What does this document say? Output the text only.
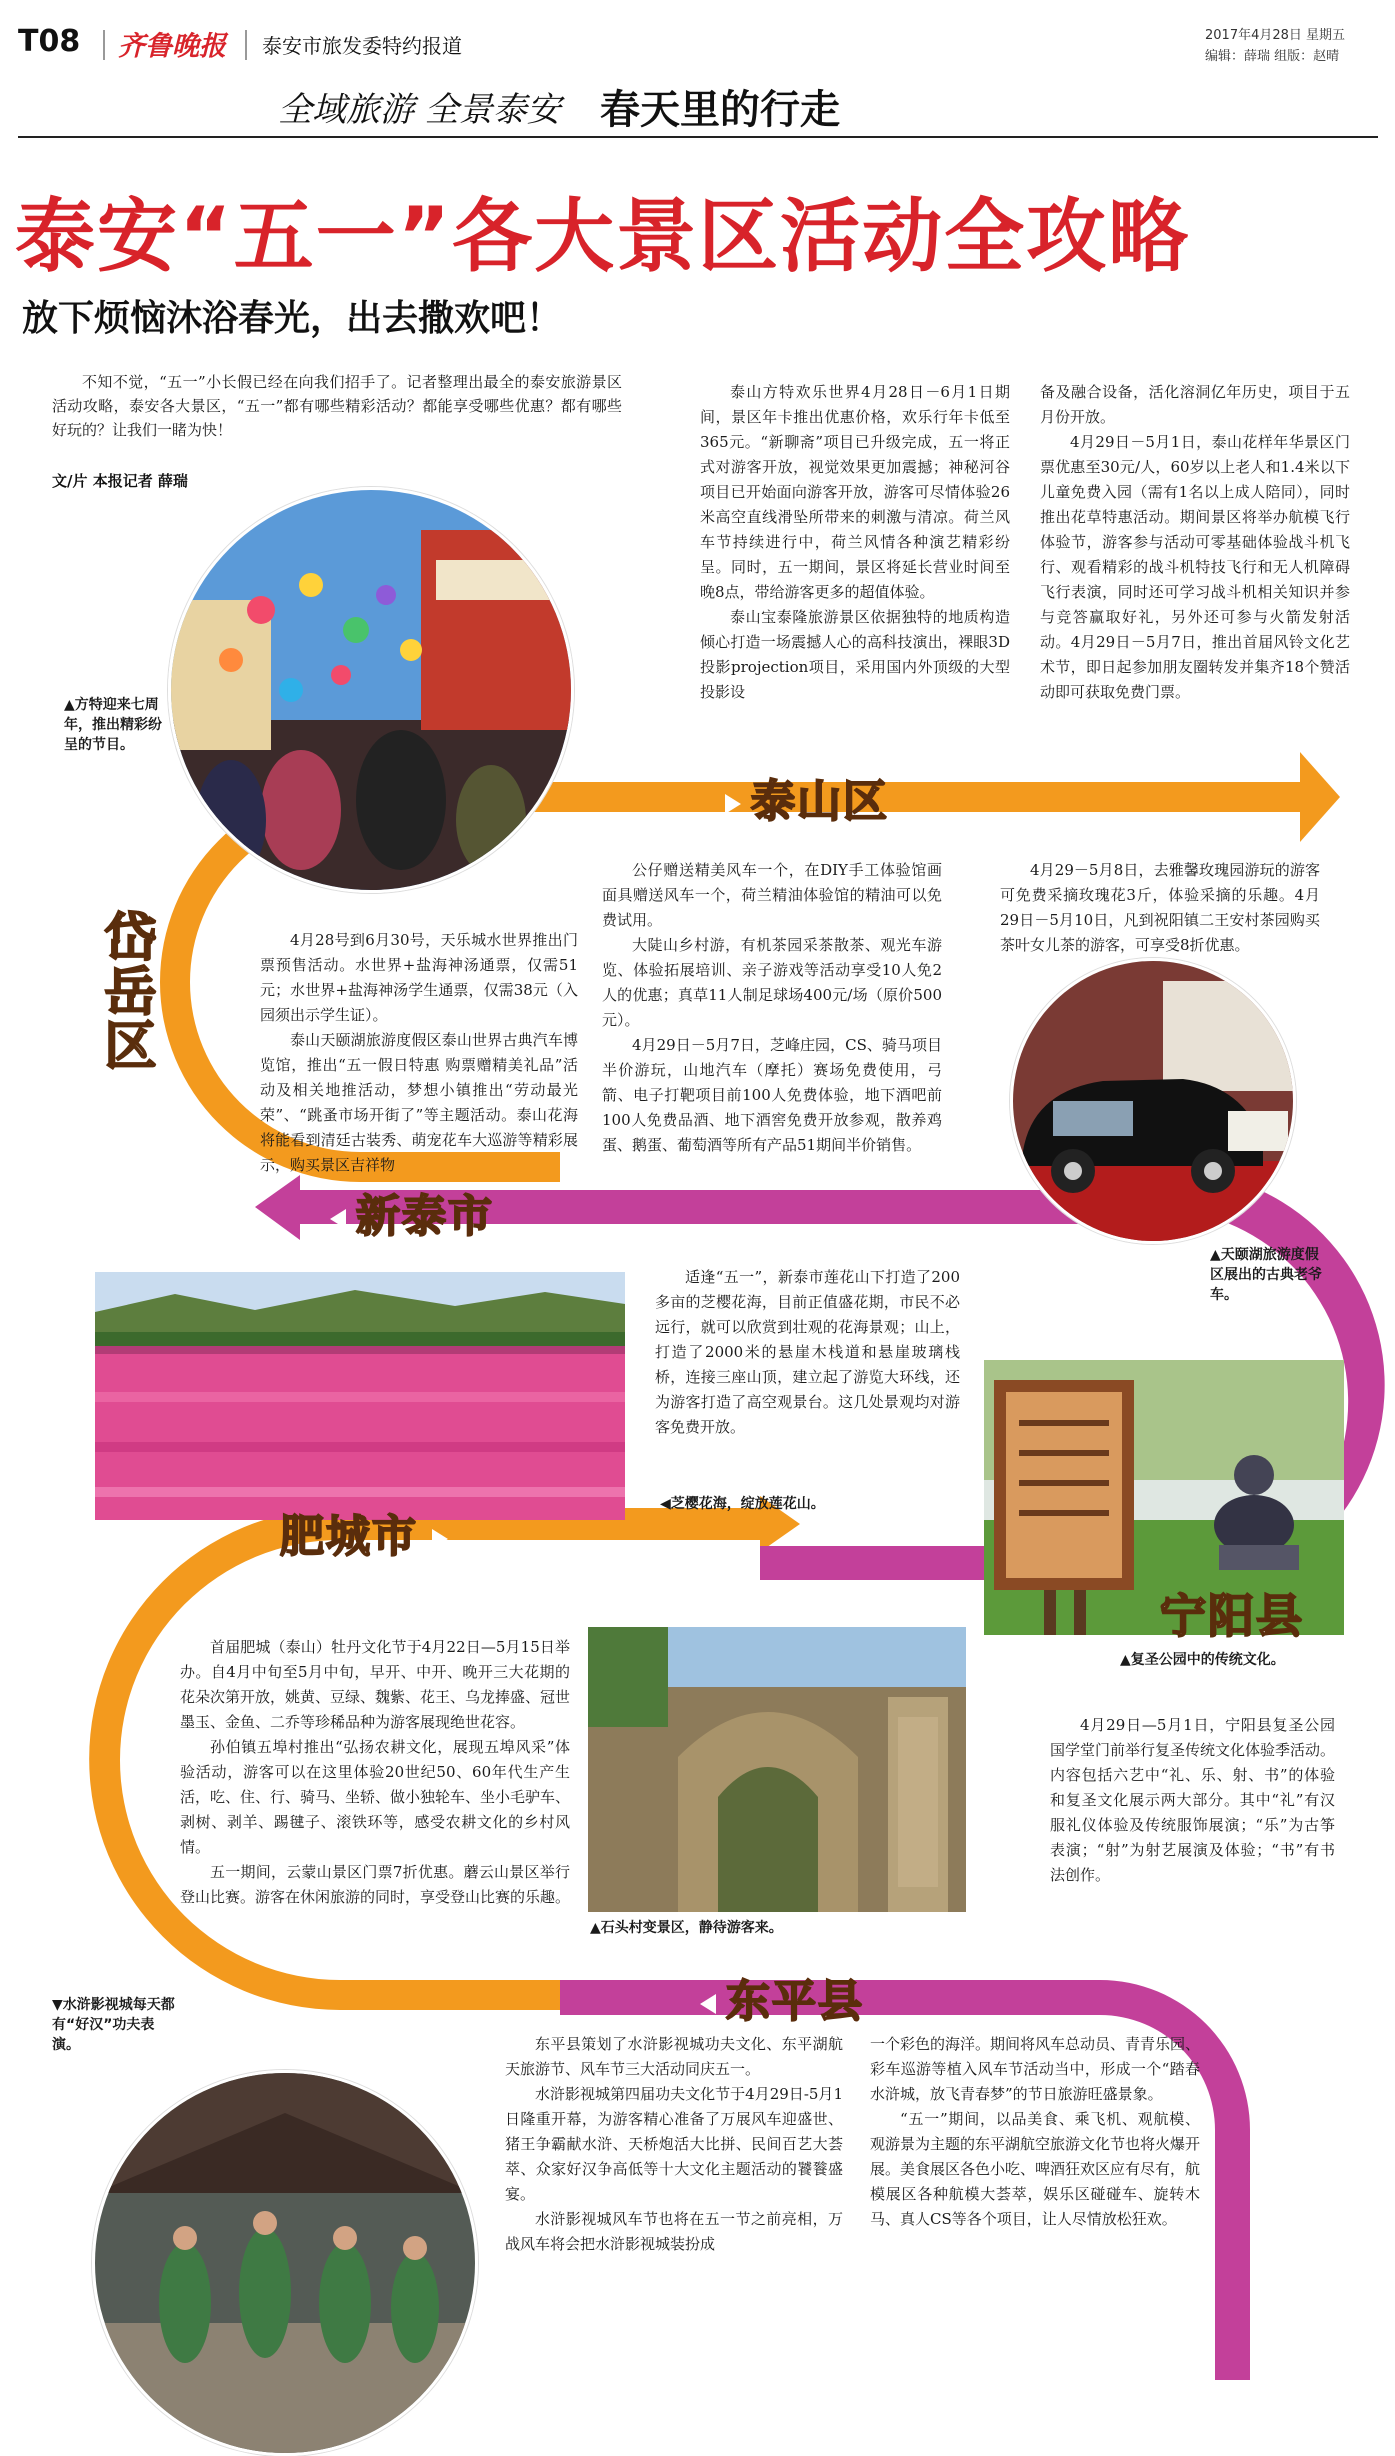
T08 齐鲁晚报 泰安市旅发委特约报道	2017年4月28日 星期五
编辑：薛瑞 组版：赵晴
全域旅游 全景泰安 春天里的行走
泰安“五一”各大景区活动全攻略
放下烦恼沐浴春光，出去撒欢吧！

不知不觉，“五一”小长假已经在向我们招手了。记者整理出最全的泰安旅游景区活动攻略，泰安各大景区，“五一”都有哪些精彩活动？都能享受哪些优惠？都有哪些好玩的？让我们一睹为快！

文/片 本报记者 薛瑞

泰山方特欢乐世界4月28日－6月1日期间，景区年卡推出优惠价格，欢乐行年卡低至365元。“新聊斋”项目已升级完成，五一将正式对游客开放，视觉效果更加震撼；神秘河谷项目已开始面向游客开放，游客可尽情体验26米高空直线滑坠所带来的刺激与清凉。荷兰风车节持续进行中，荷兰风情各种演艺精彩纷呈。同时，五一期间，景区将延长营业时间至晚8点，带给游客更多的超值体验。

泰山宝泰隆旅游景区依据独特的地质构造倾心打造一场震撼人心的高科技演出，裸眼3D投影projection项目，采用国内外顶级的大型投影设

备及融合设备，活化溶洞亿年历史，项目于五月份开放。

4月29日－5月1日，泰山花样年华景区门票优惠至30元/人，60岁以上老人和1.4米以下儿童免费入园（需有1名以上成人陪同），同时推出花草特惠活动。期间景区将举办航模飞行体验节，游客参与活动可零基础体验战斗机飞行、观看精彩的战斗机特技飞行和无人机障碍飞行表演，同时还可学习战斗机相关知识并参与竞答赢取好礼，另外还可参与火箭发射活动。4月29日－5月7日，推出首届风铃文化艺术节，即日起参加朋友圈转发并集齐18个赞活动即可获取免费门票。

▲方特迎来七周年，推出精彩纷呈的节目。
泰山区
岱岳区	4月28号到6月30号，天乐城水世界推出门票预售活动。水世界+盐海神汤通票，仅需51元；水世界+盐海神汤学生通票，仅需38元（入园须出示学生证）。

泰山天颐湖旅游度假区泰山世界古典汽车博览馆，推出“五一假日特惠 购票赠精美礼品”活动及相关地推活动，梦想小镇推出“劳动最光荣”、“跳蚤市场开街了”等主题活动。泰山花海将能看到清廷古装秀、萌宠花车大巡游等精彩展示，购买景区吉祥物

公仔赠送精美风车一个，在DIY手工体验馆画面具赠送风车一个，荷兰精油体验馆的精油可以免费试用。

大陡山乡村游，有机茶园采茶散茶、观光车游览、体验拓展培训、亲子游戏等活动享受10人免2人的优惠；真草11人制足球场400元/场（原价500元）。

4月29日－5月7日，芝峰庄园，CS、骑马项目半价游玩，山地汽车（摩托）赛场免费使用，弓箭、电子打靶项目前100人免费体验，地下酒吧前100人免费品酒、地下酒窖免费开放参观，散养鸡蛋、鹅蛋、葡萄酒等所有产品51期间半价销售。

4月29－5月8日，去雅馨玫瑰园游玩的游客可免费采摘玫瑰花3斤，体验采摘的乐趣。4月29日－5月10日，凡到祝阳镇二王安村茶园购买茶叶女儿茶的游客，可享受8折优惠。

▲天颐湖旅游度假区展出的古典老爷车。
新泰市
◀芝樱花海，绽放莲花山。

适逢“五一”，新泰市莲花山下打造了200多亩的芝樱花海，目前正值盛花期，市民不必远行，就可以欣赏到壮观的花海景观；山上，打造了2000米的悬崖木栈道和悬崖玻璃栈桥，连接三座山顶，建立起了游览大环线，还为游客打造了高空观景台。这几处景观均对游客免费开放。

宁阳县
▲复圣公园中的传统文化。
肥城市

首届肥城（泰山）牡丹文化节于4月22日—5月15日举办。自4月中旬至5月中旬，早开、中开、晚开三大花期的花朵次第开放，姚黄、豆绿、魏紫、花王、乌龙捧盛、冠世墨玉、金鱼、二乔等珍稀品种为游客展现绝世花容。

孙伯镇五埠村推出“弘扬农耕文化，展现五埠风采”体验活动，游客可以在这里体验20世纪50、60年代生产生活，吃、住、行、骑马、坐轿、做小独轮车、坐小毛驴车、剥树、剥羊、踢毽子、滚铁环等，感受农耕文化的乡村风情。

五一期间，云蒙山景区门票7折优惠。蘑云山景区举行登山比赛。游客在休闲旅游的同时，享受登山比赛的乐趣。

▲石头村变景区，静待游客来。

4月29日—5月1日，宁阳县复圣公园国学堂门前举行复圣传统文化体验季活动。内容包括六艺中“礼、乐、射、书”的体验和复圣文化展示两大部分。其中“礼”有汉服礼仪体验及传统服饰展演；“乐”为古筝表演；“射”为射艺展演及体验；“书”有书法创作。

东平县
▼水浒影视城每天都有“好汉”功夫表演。	东平县策划了水浒影视城功夫文化、东平湖航天旅游节、风车节三大活动同庆五一。

水浒影视城第四届功夫文化节于4月29日-5月1日隆重开幕，为游客精心准备了万展风车迎盛世、猪王争霸献水浒、天桥炮活大比拼、民间百艺大荟萃、众家好汉争高低等十大文化主题活动的饕餮盛宴。

水浒影视城风车节也将在五一节之前亮相，万战风车将会把水浒影视城装扮成

一个彩色的海洋。期间将风车总动员、青青乐园、彩车巡游等植入风车节活动当中，形成一个“踏春水浒城，放飞青春梦”的节日旅游旺盛景象。

“五一”期间，以品美食、乘飞机、观航模、观游景为主题的东平湖航空旅游文化节也将火爆开展。美食展区各色小吃、啤酒狂欢区应有尽有，航模展区各种航模大荟萃，娱乐区碰碰车、旋转木马、真人CS等各个项目，让人尽情放松狂欢。
